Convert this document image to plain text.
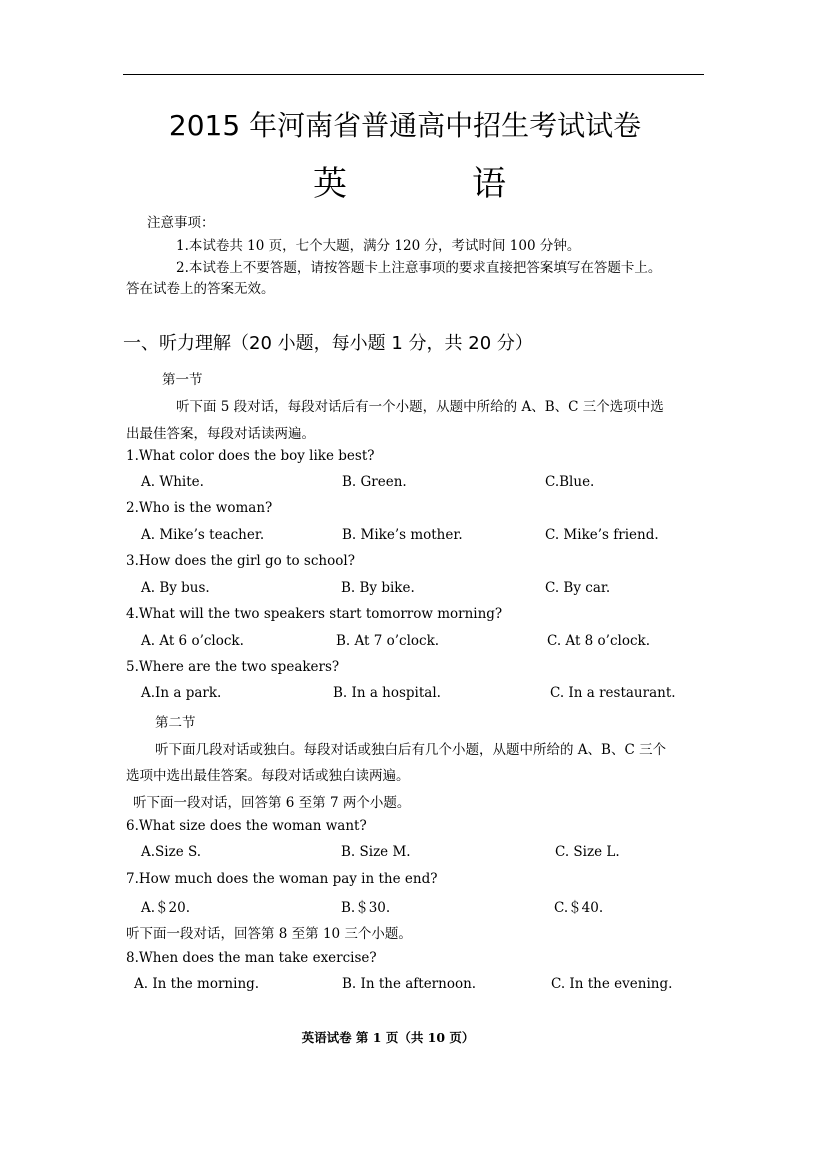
2015 年河南省普通高中招生考试试卷
英	语
注意事项：
1.本试卷共 10 页，七个大题，满分 120 分，考试时间 100 分钟。
2.本试卷上不要答题，请按答题卡上注意事项的要求直接把答案填写在答题卡上。
答在试卷上的答案无效。
一、听力理解（20 小题，每小题 1 分，共 20 分）
第一节
听下面 5 段对话，每段对话后有一个小题，从题中所给的 A、B、C 三个选项中选
出最佳答案，每段对话读两遍。
1.What color does the boy like best?
A. White.	B. Green.	C.Blue.
2.Who is the woman?
A. Mike’s teacher.	B. Mike’s mother.	C. Mike’s friend.
3.How does the girl go to school?
A. By bus.	B. By bike.	C. By car.
4.What will the two speakers start tomorrow morning?
A. At 6 o’clock.	B. At 7 o’clock.	C. At 8 o’clock.
5.Where are the two speakers?
A.In a park.	B. In a hospital.	C. In a restaurant.
第二节
听下面几段对话或独白。每段对话或独白后有几个小题，从题中所给的 A、B、C 三个
选项中选出最佳答案。每段对话或独白读两遍。
听下面一段对话，回答第 6 至第 7 两个小题。
6.What size does the woman want?
A.Size S.	B. Size M.	C. Size L.
7.How much does the woman pay in the end?
A.＄20.	B.＄30.	C.＄40.
听下面一段对话，回答第 8 至第 10 三个小题。
8.When does the man take exercise?
A. In the morning.	B. In the afternoon.	C. In the evening.
英语试卷 第 1 页（共 10 页）
